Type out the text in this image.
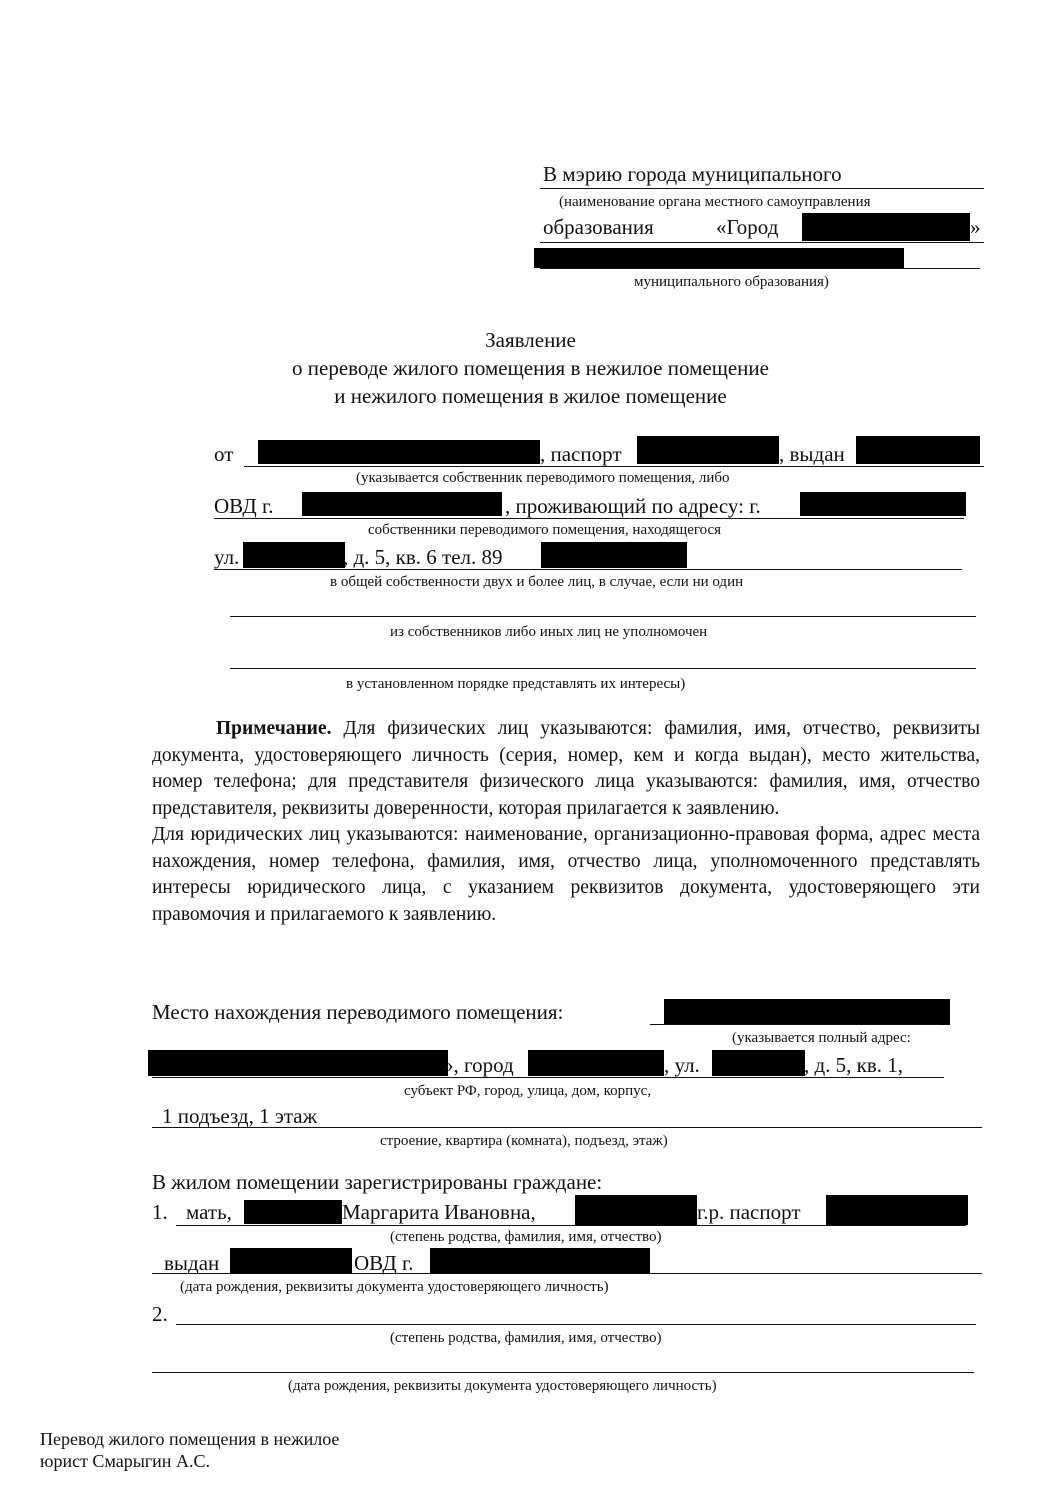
В мэрию города муниципального
(наименование органа местного самоуправления
образования	«Город	»
муниципального образования)
Заявление
о переводе жилого помещения в нежилое помещение
и нежилого помещения в жилое помещение
от	, паспорт	, выдан
(указывается собственник переводимого помещения, либо
ОВД г.	, проживающий по адресу: г.
собственники переводимого помещения, находящегося
ул.	, д. 5, кв. 6 тел. 89
в общей собственности двух и более лиц, в случае, если ни один
из собственников либо иных лиц не уполномочен
в установленном порядке представлять их интересы)

Примечание. Для физических лиц указываются: фамилия, имя, отчество, реквизиты документа, удостоверяющего личность (серия, номер, кем и когда выдан), место жительства, номер телефона; для представителя физического лица указываются: фамилия, имя, отчество представителя, реквизиты доверенности, которая прилагается к заявлению.

Для юридических лиц указываются: наименование, организационно-правовая форма, адрес места нахождения, номер телефона, фамилия, имя, отчество лица, уполномоченного представлять интересы юридического лица, с указанием реквизитов документа, удостоверяющего эти правомочия и прилагаемого к заявлению.

Место нахождения переводимого помещения:
(указывается полный адрес:
», город	, ул.	, д. 5, кв. 1,
субъект РФ, город, улица, дом, корпус,
1 подъезд, 1 этаж
строение, квартира (комната), подъезд, этаж)
В жилом помещении зарегистрированы граждане:
1. мать,	Маргарита Ивановна,	г.р. паспорт
(степень родства, фамилия, имя, отчество)
выдан	ОВД г.
(дата рождения, реквизиты документа удостоверяющего личность)
2.
(степень родства, фамилия, имя, отчество)
(дата рождения, реквизиты документа удостоверяющего личность)
Перевод жилого помещения в нежилое
юрист Смарыгин А.С.
